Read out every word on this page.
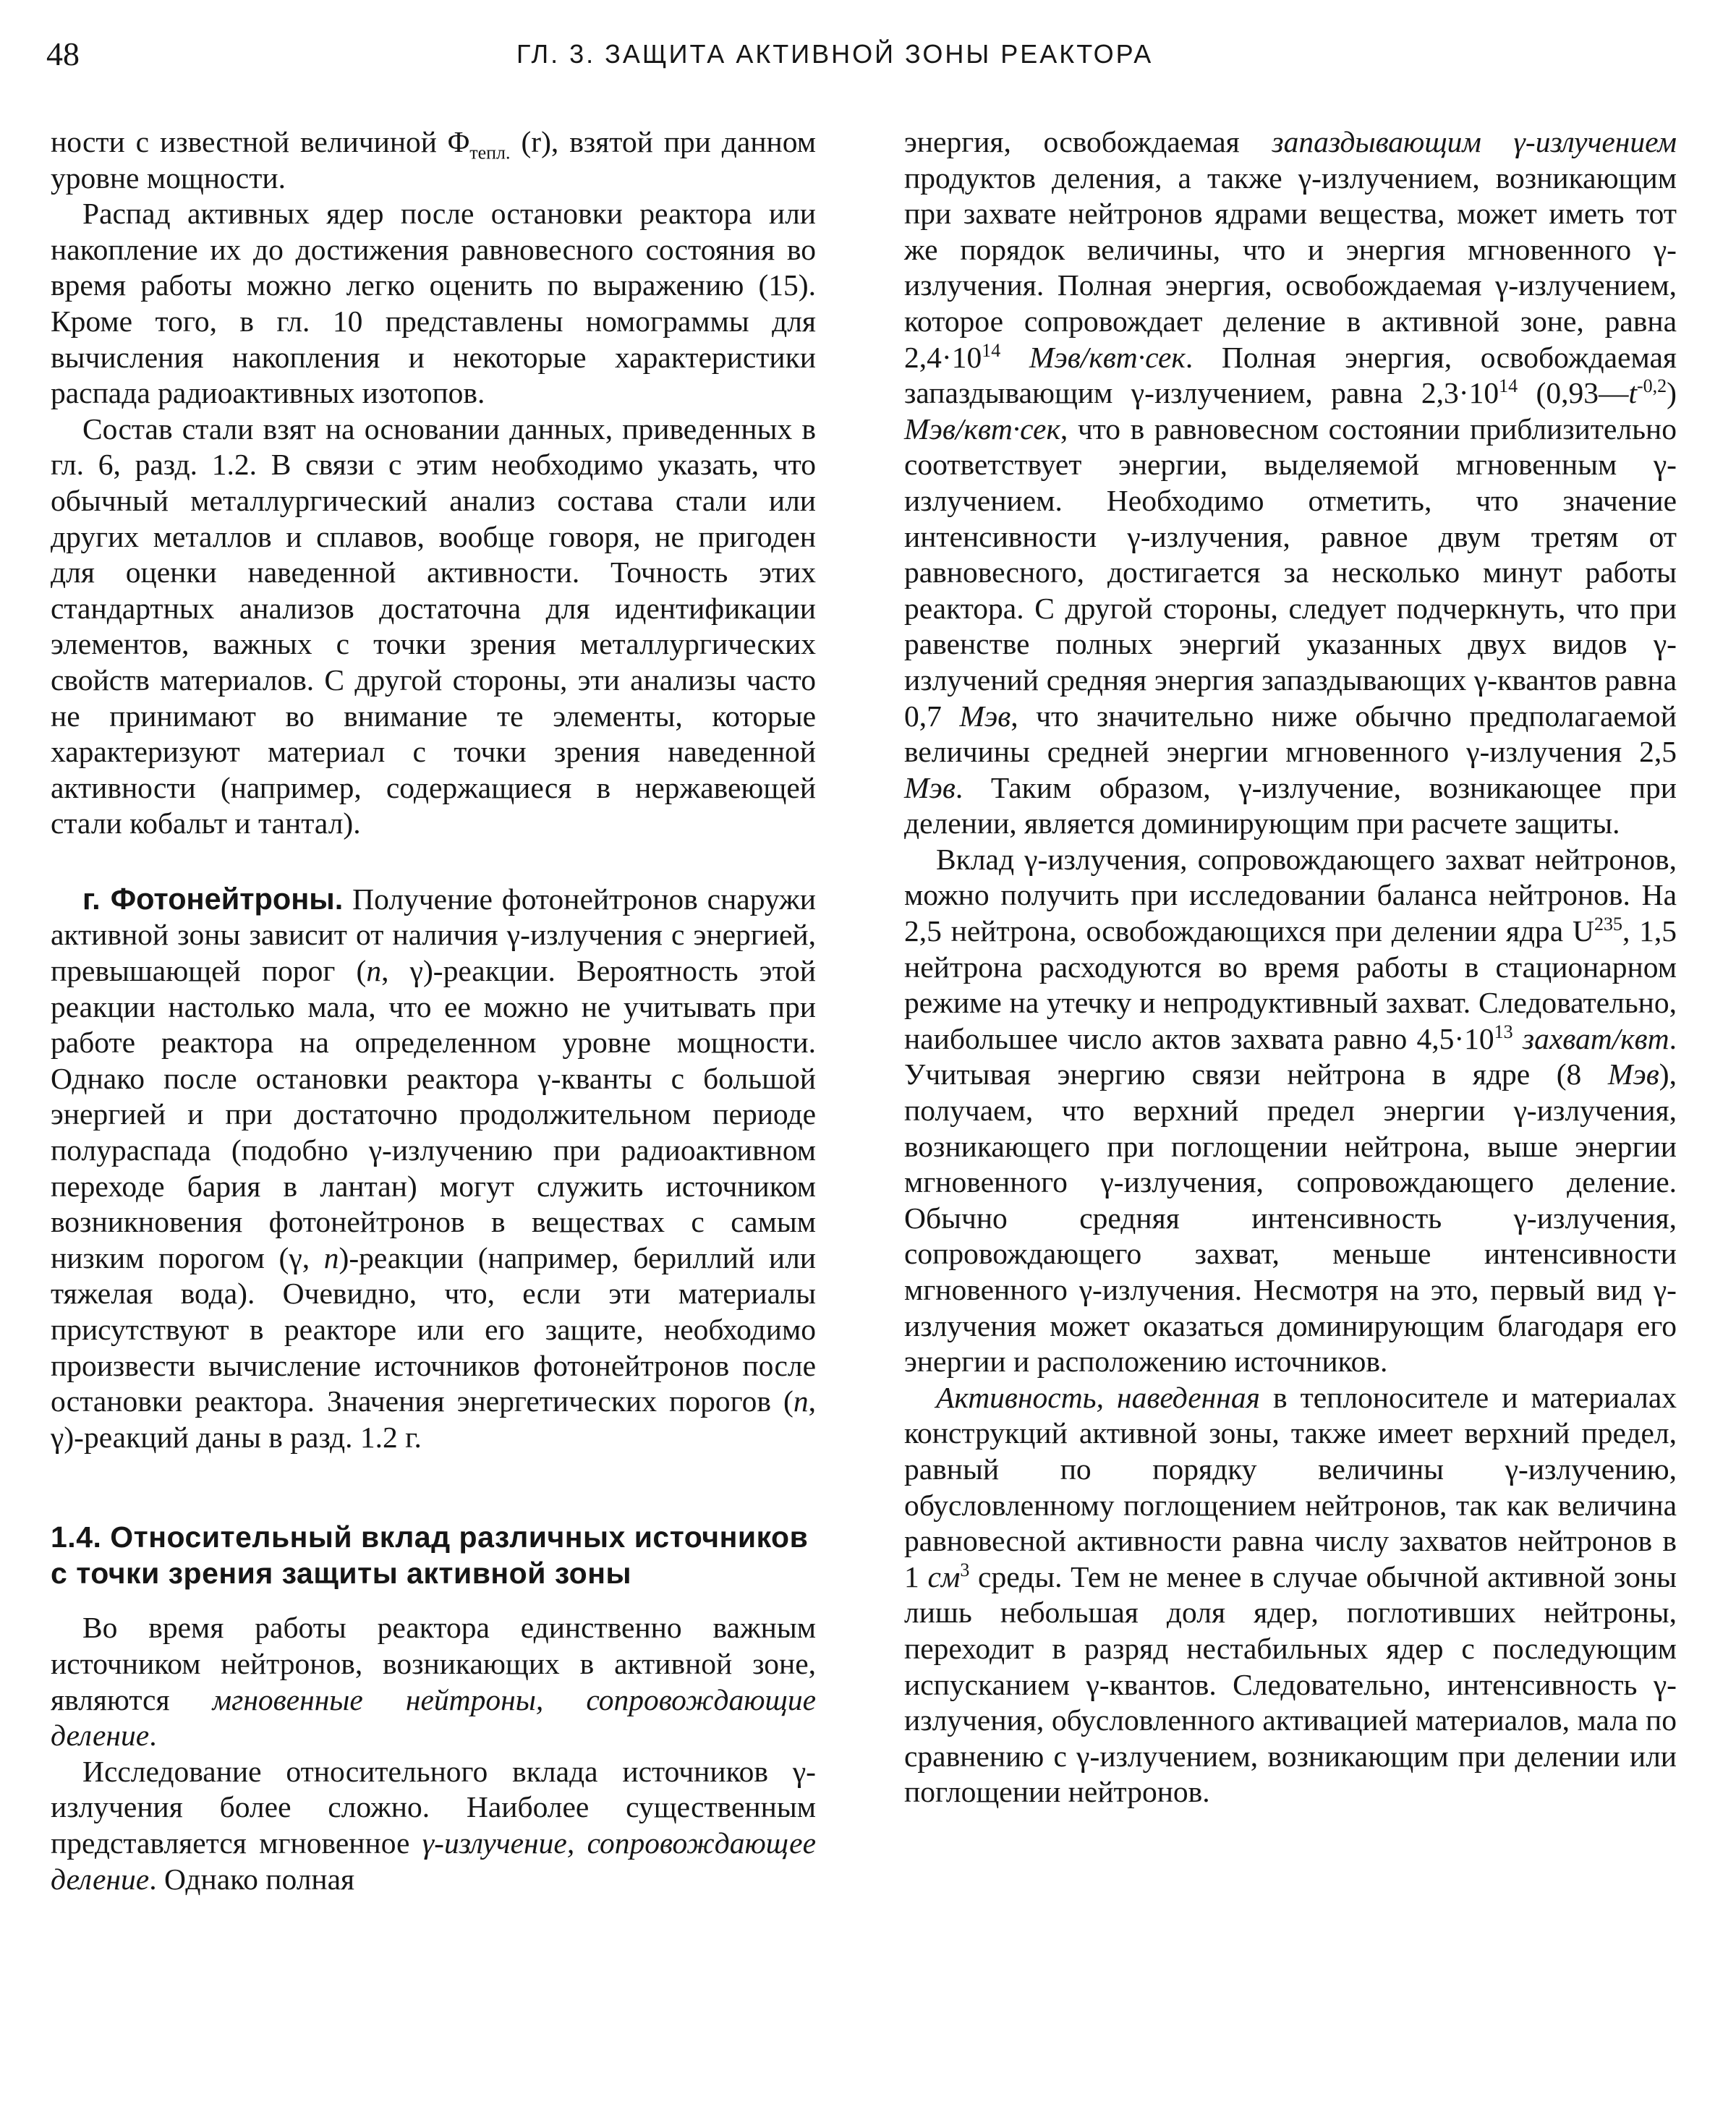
48	ГЛ. 3. ЗАЩИТА АКТИВНОЙ ЗОНЫ РЕАКТОРА

ности с известной величиной $\Phi_{тепл.}$ (r), взятой при данном уровне мощности.

Распад активных ядер после остановки реактора или накопление их до достижения равновесного состояния во время работы можно легко оценить по выражению (15). Кроме того, в гл. 10 представлены номограммы для вычисления накопления и некоторые характеристики распада радиоактивных изотопов.

Состав стали взят на основании данных, приведенных в гл. 6, разд. 1.2. В связи с этим необходимо указать, что обычный металлургический анализ состава стали или других металлов и сплавов, вообще говоря, не пригоден для оценки наведенной активности. Точность этих стандартных анализов достаточна для идентификации элементов, важных с точки зрения металлургических свойств материалов. С другой стороны, эти анализы часто не принимают во внимание те элементы, которые характеризуют материал с точки зрения наведенной активности (например, содержащиеся в нержавеющей стали кобальт и тантал).

г. Фотонейтроны. Получение фотонейтронов снаружи активной зоны зависит от наличия γ-излучения с энергией, превышающей порог (n, γ)-реакции. Вероятность этой реакции настолько мала, что ее можно не учитывать при работе реактора на определенном уровне мощности. Однако после остановки реактора γ-кванты с большой энергией и при достаточно продолжительном периоде полураспада (подобно γ-излучению при радиоактивном переходе бария в лантан) могут служить источником возникновения фотонейтронов в веществах с самым низким порогом (γ, n)-реакции (например, бериллий или тяжелая вода). Очевидно, что, если эти материалы присутствуют в реакторе или его защите, необходимо произвести вычисление источников фотонейтронов после остановки реактора. Значения энергетических порогов (n, γ)-реакций даны в разд. 1.2 г.

1.4. Относительный вклад различных источников с точки зрения защиты активной зоны

Во время работы реактора единственно важным источником нейтронов, возникающих в активной зоне, являются мгновенные нейтроны, сопровождающие деление.

Исследование относительного вклада источников γ-излучения более сложно. Наиболее существенным представляется мгновенное γ-излучение, сопровождающее деление. Однако полная

энергия, освобождаемая запаздывающим γ-излучением продуктов деления, а также γ-излучением, возникающим при захвате нейтронов ядрами вещества, может иметь тот же порядок величины, что и энергия мгновенного γ-излучения. Полная энергия, освобождаемая γ-излучением, которое сопровождает деление в активной зоне, равна $2,4\cdot 10^{14}$ Мэв/квт·сек. Полная энергия, освобождаемая запаздывающим γ-излучением, равна $2,3\cdot 10^{14}$ $(0,93—t^{-0,2})$ Мэв/квт·сек, что в равновесном состоянии приблизительно соответствует энергии, выделяемой мгновенным γ-излучением. Необходимо отметить, что значение интенсивности γ-излучения, равное двум третям от равновесного, достигается за несколько минут работы реактора. С другой стороны, следует подчеркнуть, что при равенстве полных энергий указанных двух видов γ-излучений средняя энергия запаздывающих γ-квантов равна 0,7 Мэв, что значительно ниже обычно предполагаемой величины средней энергии мгновенного γ-излучения 2,5 Мэв. Таким образом, γ-излучение, возникающее при делении, является доминирующим при расчете защиты.

Вклад γ-излучения, сопровождающего захват нейтронов, можно получить при исследовании баланса нейтронов. На 2,5 нейтрона, освобождающихся при делении ядра $U^{235}$, 1,5 нейтрона расходуются во время работы в стационарном режиме на утечку и непродуктивный захват. Следовательно, наибольшее число актов захвата равно $4,5\cdot 10^{13}$ захват/квт. Учитывая энергию связи нейтрона в ядре (8 Мэв), получаем, что верхний предел энергии γ-излучения, возникающего при поглощении нейтрона, выше энергии мгновенного γ-излучения, сопровождающего деление. Обычно средняя интенсивность γ-излучения, сопровождающего захват, меньше интенсивности мгновенного γ-излучения. Несмотря на это, первый вид γ-излучения может оказаться доминирующим благодаря его энергии и расположению источников.

Активность, наведенная в теплоносителе и материалах конструкций активной зоны, также имеет верхний предел, равный по порядку величины γ-излучению, обусловленному поглощением нейтронов, так как величина равновесной активности равна числу захватов нейтронов в 1 $см^3$ среды. Тем не менее в случае обычной активной зоны лишь небольшая доля ядер, поглотивших нейтроны, переходит в разряд нестабильных ядер с последующим испусканием γ-квантов. Следовательно, интенсивность γ-излучения, обусловленного активацией материалов, мала по сравнению с γ-излучением, возникающим при делении или поглощении нейтронов.
